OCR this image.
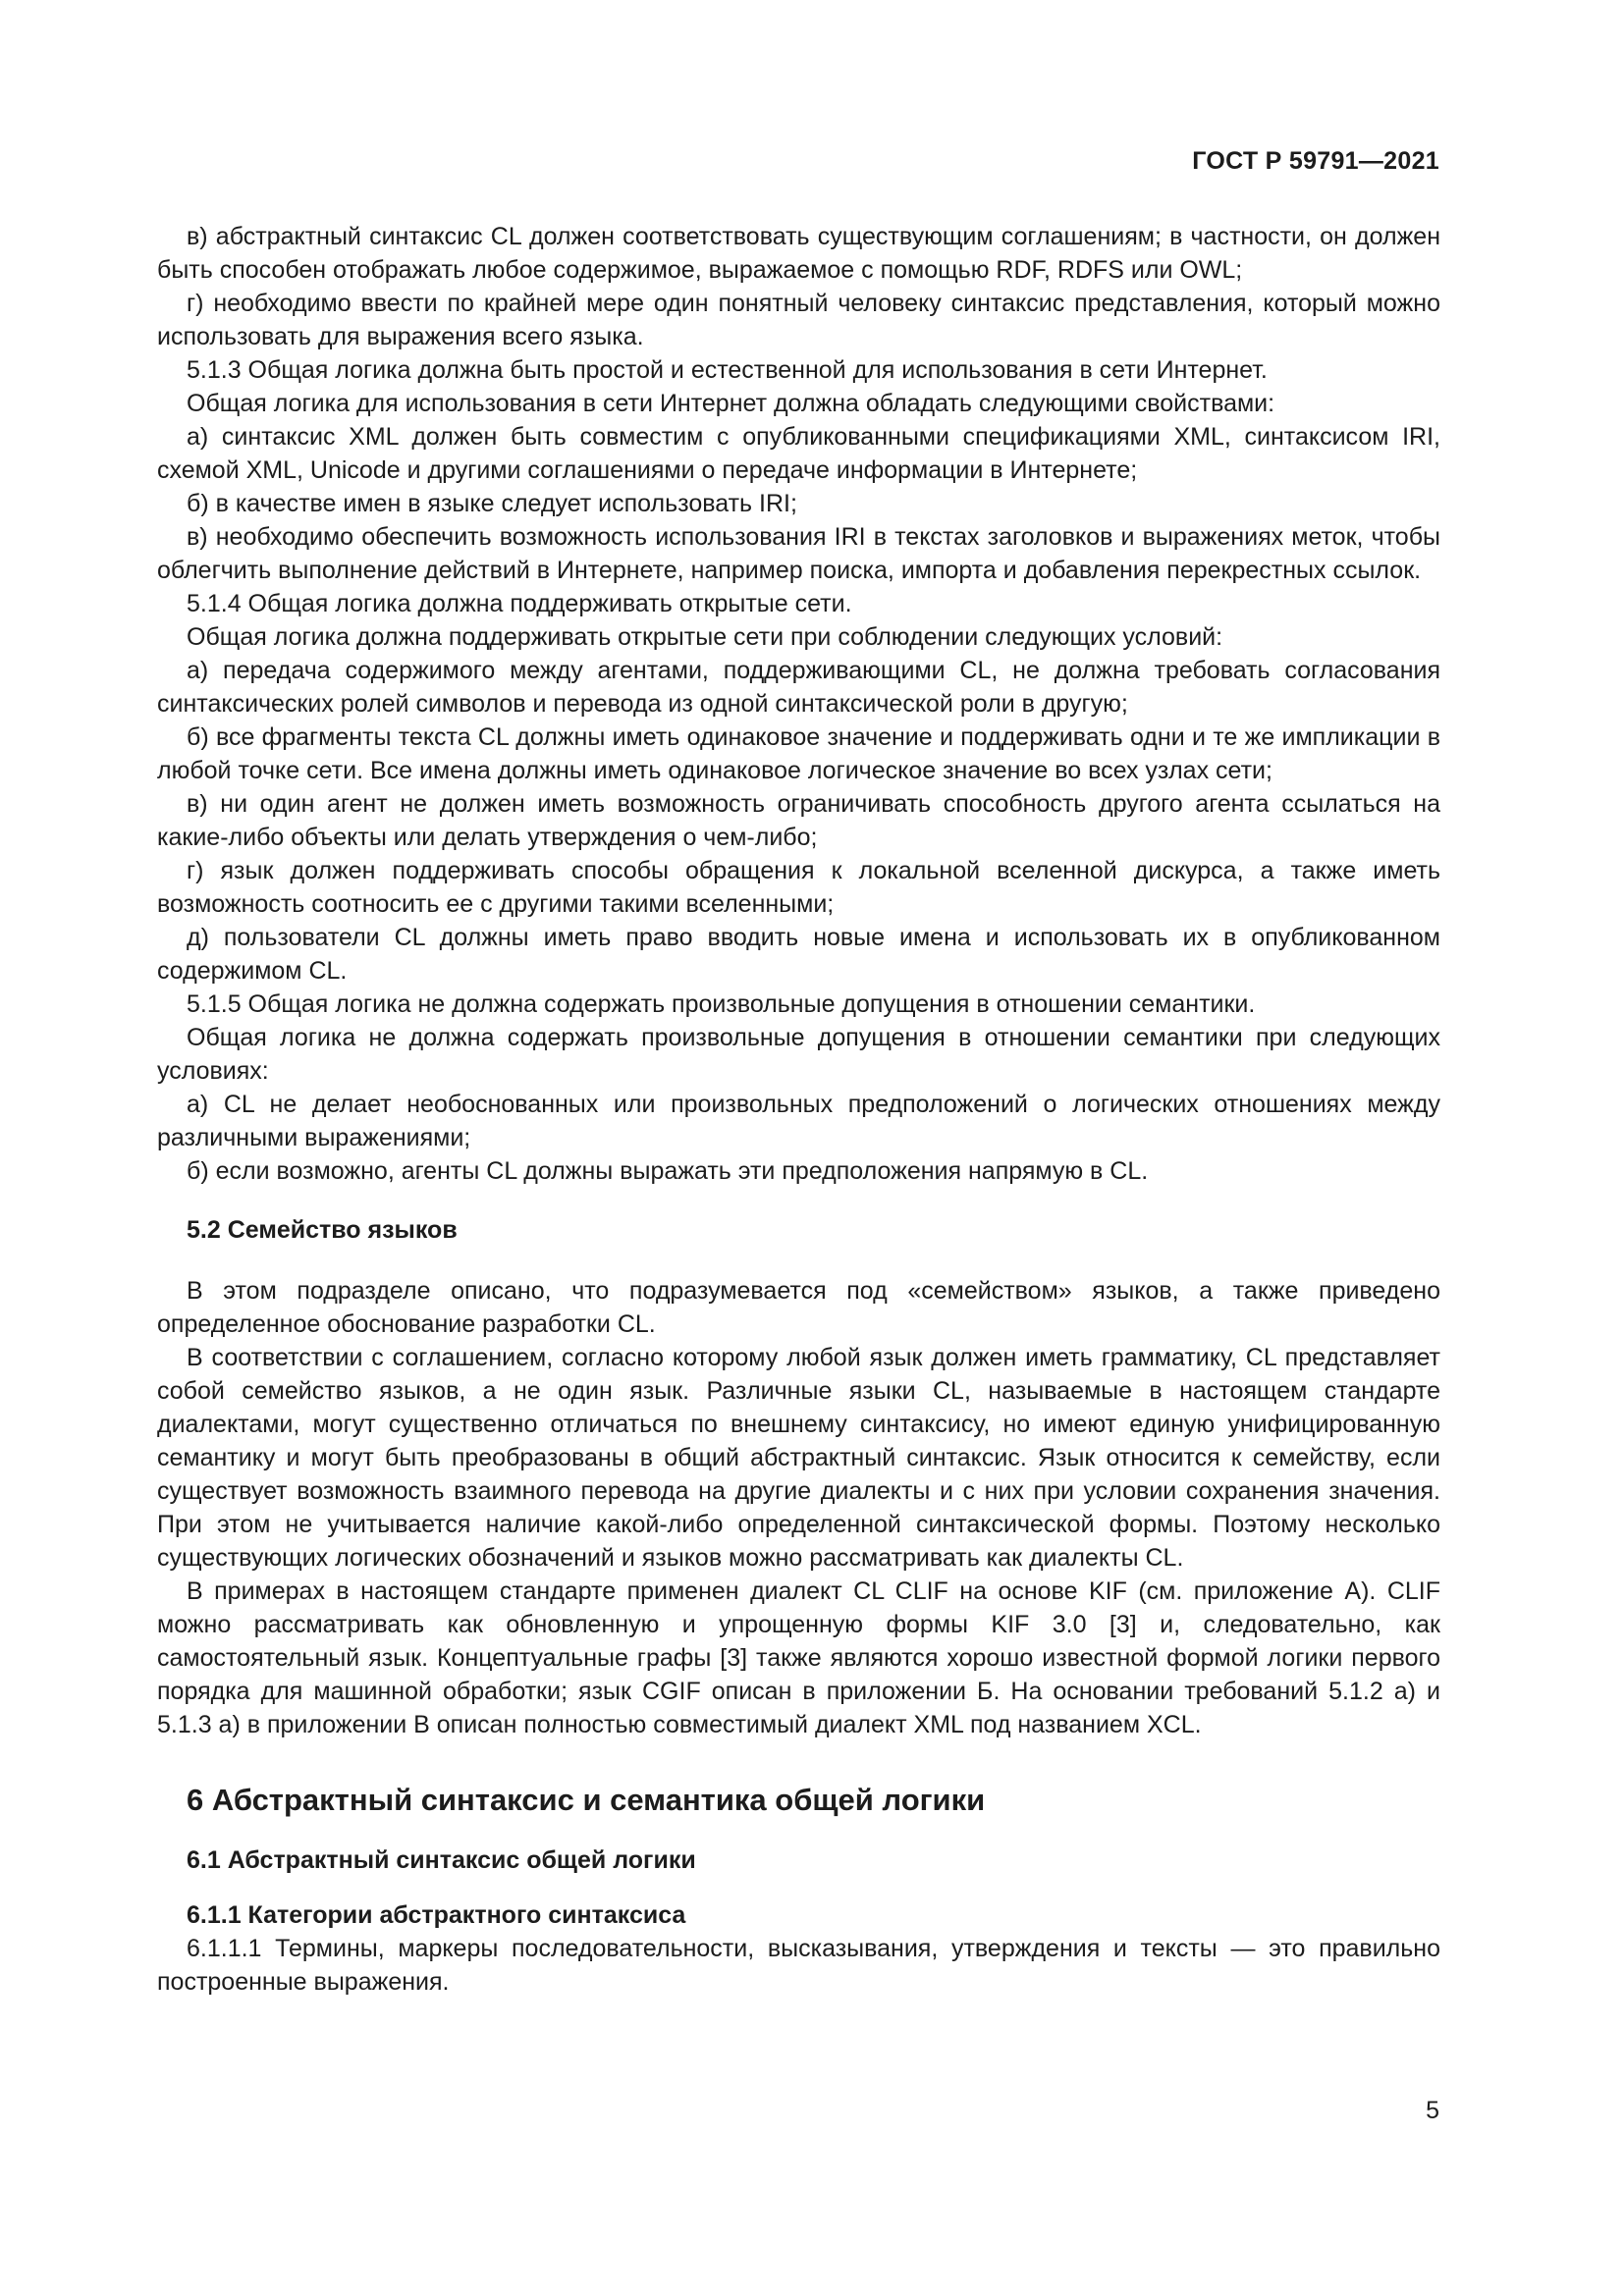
ГОСТ Р 59791—2021

в) абстрактный синтаксис CL должен соответствовать существующим соглашениям; в частности, он должен быть способен отображать любое содержимое, выражаемое с помощью RDF, RDFS или OWL;

г) необходимо ввести по крайней мере один понятный человеку синтаксис представления, который можно использовать для выражения всего языка.

5.1.3 Общая логика должна быть простой и естественной для использования в сети Интернет.

Общая логика для использования в сети Интернет должна обладать следующими свойствами:

а) синтаксис XML должен быть совместим с опубликованными спецификациями XML, синтаксисом IRI, схемой XML, Unicode и другими соглашениями о передаче информации в Интернете;

б) в качестве имен в языке следует использовать IRI;

в) необходимо обеспечить возможность использования IRI в текстах заголовков и выражениях меток, чтобы облегчить выполнение действий в Интернете, например поиска, импорта и добавления перекрестных ссылок.

5.1.4 Общая логика должна поддерживать открытые сети.

Общая логика должна поддерживать открытые сети при соблюдении следующих условий:

а) передача содержимого между агентами, поддерживающими CL, не должна требовать согласования синтаксических ролей символов и перевода из одной синтаксической роли в другую;

б) все фрагменты текста CL должны иметь одинаковое значение и поддерживать одни и те же импликации в любой точке сети. Все имена должны иметь одинаковое логическое значение во всех узлах сети;

в) ни один агент не должен иметь возможность ограничивать способность другого агента ссылаться на какие-либо объекты или делать утверждения о чем-либо;

г) язык должен поддерживать способы обращения к локальной вселенной дискурса, а также иметь возможность соотносить ее с другими такими вселенными;

д) пользователи CL должны иметь право вводить новые имена и использовать их в опубликованном содержимом CL.

5.1.5 Общая логика не должна содержать произвольные допущения в отношении семантики.

Общая логика не должна содержать произвольные допущения в отношении семантики при следующих условиях:

а) CL не делает необоснованных или произвольных предположений о логических отношениях между различными выражениями;

б) если возможно, агенты CL должны выражать эти предположения напрямую в CL.

5.2 Семейство языков

В этом подразделе описано, что подразумевается под «семейством» языков, а также приведено определенное обоснование разработки CL.

В соответствии с соглашением, согласно которому любой язык должен иметь грамматику, CL представляет собой семейство языков, а не один язык. Различные языки CL, называемые в настоящем стандарте диалектами, могут существенно отличаться по внешнему синтаксису, но имеют единую унифицированную семантику и могут быть преобразованы в общий абстрактный синтаксис. Язык относится к семейству, если существует возможность взаимного перевода на другие диалекты и с них при условии сохранения значения. При этом не учитывается наличие какой-либо определенной синтаксической формы. Поэтому несколько существующих логических обозначений и языков можно рассматривать как диалекты CL.

В примерах в настоящем стандарте применен диалект CL CLIF на основе KIF (см. приложение А). CLIF можно рассматривать как обновленную и упрощенную формы KIF 3.0 [3] и, следовательно, как самостоятельный язык. Концептуальные графы [3] также являются хорошо известной формой логики первого порядка для машинной обработки; язык CGIF описан в приложении Б. На основании требований 5.1.2 а) и 5.1.3 а) в приложении В описан полностью совместимый диалект XML под названием XCL.

6 Абстрактный синтаксис и семантика общей логики
6.1 Абстрактный синтаксис общей логики
6.1.1 Категории абстрактного синтаксиса

6.1.1.1 Термины, маркеры последовательности, высказывания, утверждения и тексты — это правильно построенные выражения.

5
